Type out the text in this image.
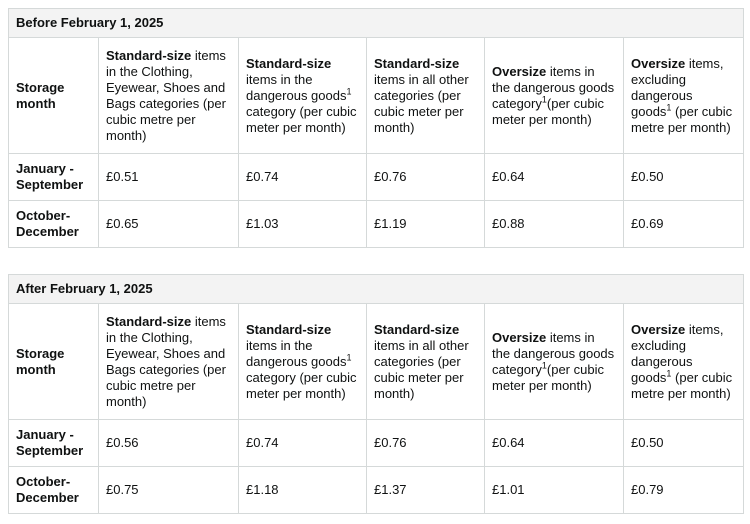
Before February 1, 2025					
Storage month	Standard-size items in the Clothing, Eyewear, Shoes and Bags categories (per cubic metre per month)	Standard-size items in the dangerous goods$^1$ category (per cubic meter per month)	Standard-size items in all other categories (per cubic meter per month)	Oversize items in the dangerous goods category$^1$(per cubic meter per month)	Oversize items, excluding dangerous goods$^1$ (per cubic metre per month)
January - September	£0.51	£0.74	£0.76	£0.64	£0.50
October-December	£0.65	£1.03	£1.19	£0.88	£0.69
After February 1, 2025					
Storage month	Standard-size items in the Clothing, Eyewear, Shoes and Bags categories (per cubic metre per month)	Standard-size items in the dangerous goods$^1$ category (per cubic meter per month)	Standard-size items in all other categories (per cubic meter per month)	Oversize items in the dangerous goods category$^1$(per cubic meter per month)	Oversize items, excluding dangerous goods$^1$ (per cubic metre per month)
January - September	£0.56	£0.74	£0.76	£0.64	£0.50
October-December	£0.75	£1.18	£1.37	£1.01	£0.79
